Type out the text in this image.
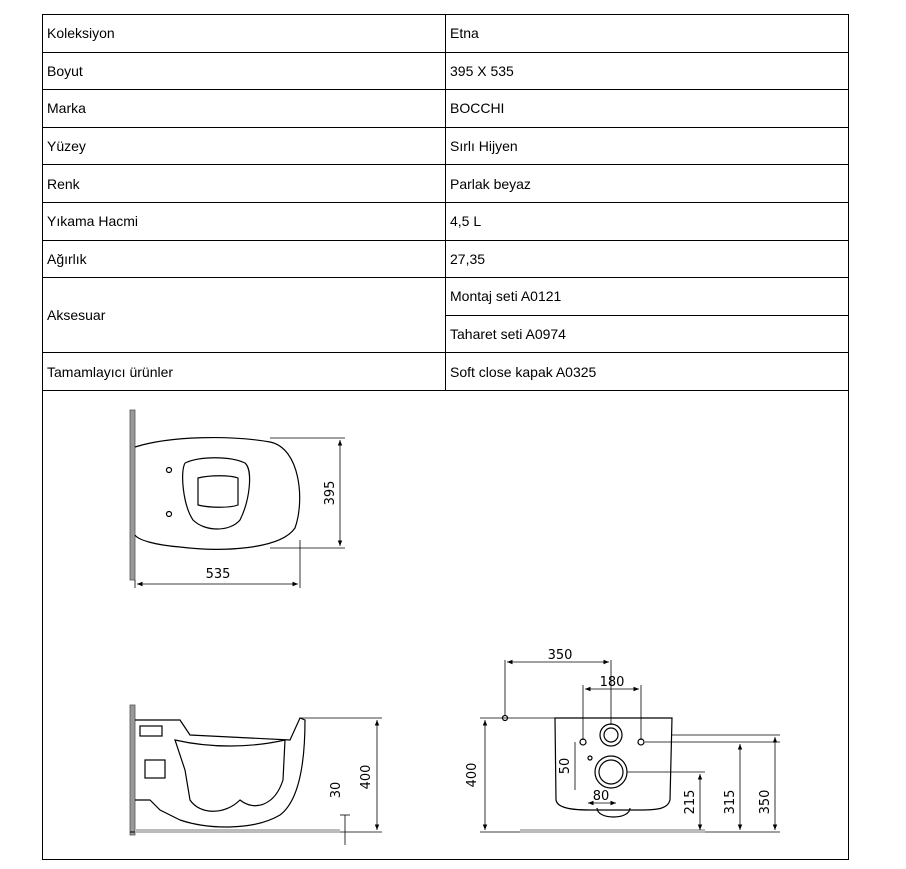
Koleksiyon	Etna
Boyut	395 X 535
Marka	BOCCHI
Yüzey	Sırlı Hijyen
Renk	Parlak beyaz
Yıkama Hacmi	4,5 L
Ağırlık	27,35
Aksesuar	Montaj seti A0121
	Taharet seti A0974
Tamamlayıcı ürünler	Soft close kapak A0325
535
395
400
30
350
180
400	50
80	215 315 350
